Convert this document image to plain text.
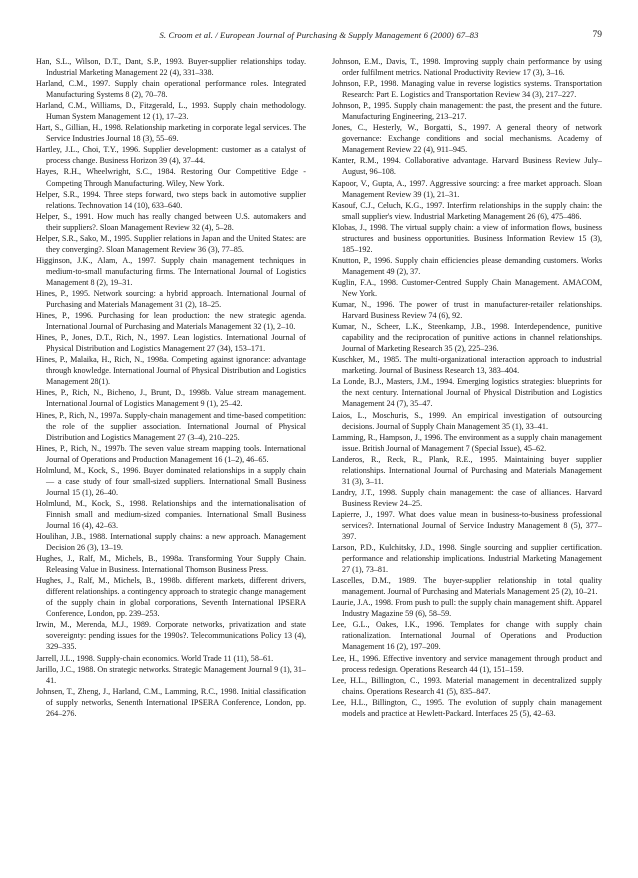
S. Croom et al. / European Journal of Purchasing & Supply Management 6 (2000) 67–83	79

Han, S.L., Wilson, D.T., Dant, S.P., 1993. Buyer-supplier relationships today. Industrial Marketing Management 22 (4), 331–338.

Harland, C.M., 1997. Supply chain operational performance roles. Integrated Manufacturing Systems 8 (2), 70–78.

Harland, C.M., Williams, D., Fitzgerald, L., 1993. Supply chain methodology. Human System Management 12 (1), 17–23.

Hart, S., Gillian, H., 1998. Relationship marketing in corporate legal services. The Service Industries Journal 18 (3), 55–69.

Hartley, J.L., Choi, T.Y., 1996. Supplier development: customer as a catalyst of process change. Business Horizon 39 (4), 37–44.

Hayes, R.H., Wheelwright, S.C., 1984. Restoring Our Competitive Edge - Competing Through Manufacturing. Wiley, New York.

Helper, S.R., 1994. Three steps forward, two steps back in automotive supplier relations. Technovation 14 (10), 633–640.

Helper, S., 1991. How much has really changed between U.S. automakers and their suppliers?. Sloan Management Review 32 (4), 5–28.

Helper, S.R., Sako, M., 1995. Supplier relations in Japan and the United States: are they converging?. Sloan Management Review 36 (3), 77–85.

Higginson, J.K., Alam, A., 1997. Supply chain management techniques in medium-to-small manufacturing firms. The International Journal of Logistics Management 8 (2), 19–31.

Hines, P., 1995. Network sourcing: a hybrid approach. International Journal of Purchasing and Materials Management 31 (2), 18–25.

Hines, P., 1996. Purchasing for lean production: the new strategic agenda. International Journal of Purchasing and Materials Management 32 (1), 2–10.

Hines, P., Jones, D.T., Rich, N., 1997. Lean logistics. International Journal of Physical Distribution and Logistics Management 27 (34), 153–171.

Hines, P., Malaika, H., Rich, N., 1998a. Competing against ignorance: advantage through knowledge. International Journal of Physical Distribution and Logistics Management 28(1).

Hines, P., Rich, N., Bicheno, J., Brunt, D., 1998b. Value stream management. International Journal of Logistics Management 9 (1), 25–42.

Hines, P., Rich, N., 1997a. Supply-chain management and time-based competition: the role of the supplier association. International Journal of Physical Distribution and Logistics Management 27 (3–4), 210–225.

Hines, P., Rich, N., 1997b. The seven value stream mapping tools. International Journal of Operations and Production Management 16 (1–2), 46–65.

Holmlund, M., Kock, S., 1996. Buyer dominated relationships in a supply chain — a case study of four small-sized suppliers. International Small Business Journal 15 (1), 26–40.

Holmlund, M., Kock, S., 1998. Relationships and the internationalisation of Finnish small and medium-sized companies. International Small Business Journal 16 (4), 42–63.

Houlihan, J.B., 1988. International supply chains: a new approach. Management Decision 26 (3), 13–19.

Hughes, J., Ralf, M., Michels, B., 1998a. Transforming Your Supply Chain. Releasing Value in Business. International Thomson Business Press.

Hughes, J., Ralf, M., Michels, B., 1998b. different markets, different drivers, different relationships. a contingency approach to strategic change management of the supply chain in global corporations, Seventh International IPSERA Conference, London, pp. 239–253.

Irwin, M., Merenda, M.J., 1989. Corporate networks, privatization and state sovereignty: pending issues for the 1990s?. Telecommunications Policy 13 (4), 329–335.

Jarrell, J.L., 1998. Supply-chain economics. World Trade 11 (11), 58–61.

Jarillo, J.C., 1988. On strategic networks. Strategic Management Journal 9 (1), 31–41.

Johnsen, T., Zheng, J., Harland, C.M., Lamming, R.C., 1998. Initial classification of supply networks, Senenth International IPSERA Conference, London, pp. 264–276.

Johnson, E.M., Davis, T., 1998. Improving supply chain performance by using order fulfilment metrics. National Productivity Review 17 (3), 3–16.

Johnson, F.P., 1998. Managing value in reverse logistics systems. Transportation Research: Part E. Logistics and Transportation Review 34 (3), 217–227.

Johnson, P., 1995. Supply chain management: the past, the present and the future. Manufacturing Engineering, 213–217.

Jones, C., Hesterly, W., Borgatti, S., 1997. A general theory of network governance: Exchange conditions and social mechanisms. Academy of Management Review 22 (4), 911–945.

Kanter, R.M., 1994. Collaborative advantage. Harvard Business Review July–August, 96–108.

Kapoor, V., Gupta, A., 1997. Aggressive sourcing: a free market approach. Sloan Management Review 39 (1), 21–31.

Kasouf, C.J., Celuch, K.G., 1997. Interfirm relationships in the supply chain: the small supplier's view. Industrial Marketing Management 26 (6), 475–486.

Klobas, J., 1998. The virtual supply chain: a view of information flows, business structures and business opportunities. Business Information Review 15 (3), 185–192.

Knutton, P., 1996. Supply chain efficiencies please demanding customers. Works Management 49 (2), 37.

Kuglin, F.A., 1998. Customer-Centred Supply Chain Management. AMACOM, New York.

Kumar, N., 1996. The power of trust in manufacturer-retailer relationships. Harvard Business Review 74 (6), 92.

Kumar, N., Scheer, L.K., Steenkamp, J.B., 1998. Interdependence, punitive capability and the reciprocation of punitive actions in channel relationships. Journal of Marketing Research 35 (2), 225–236.

Kuschker, M., 1985. The multi-organizational interaction approach to industrial marketing. Journal of Business Research 13, 383–404.

La Londe, B.J., Masters, J.M., 1994. Emerging logistics strategies: blueprints for the next century. International Journal of Physical Distribution and Logistics Management 24 (7), 35–47.

Laios, L., Moschuris, S., 1999. An empirical investigation of outsourcing decisions. Journal of Supply Chain Management 35 (1), 33–41.

Lamming, R., Hampson, J., 1996. The environment as a supply chain management issue. British Journal of Management 7 (Special Issue), 45–62.

Landeros, R., Reck, R., Plank, R.E., 1995. Maintaining buyer supplier relationships. International Journal of Purchasing and Materials Management 31 (3), 3–11.

Landry, J.T., 1998. Supply chain management: the case of alliances. Harvard Business Review 24–25.

Lapierre, J., 1997. What does value mean in business-to-business professional services?. International Journal of Service Industry Management 8 (5), 377–397.

Larson, P.D., Kulchitsky, J.D., 1998. Single sourcing and supplier certification. performance and relationship implications. Industrial Marketing Management 27 (1), 73–81.

Lascelles, D.M., 1989. The buyer-supplier relationship in total quality management. Journal of Purchasing and Materials Management 25 (2), 10–21.

Laurie, J.A., 1998. From push to pull: the supply chain management shift. Apparel Industry Magazine 59 (6), 58–59.

Lee, G.L., Oakes, I.K., 1996. Templates for change with supply chain rationalization. International Journal of Operations and Production Management 16 (2), 197–209.

Lee, H., 1996. Effective inventory and service management through product and process redesign. Operations Research 44 (1), 151–159.

Lee, H.L., Billington, C., 1993. Material management in decentralized supply chains. Operations Research 41 (5), 835–847.

Lee, H.L., Billington, C., 1995. The evolution of supply chain management models and practice at Hewlett-Packard. Interfaces 25 (5), 42–63.
